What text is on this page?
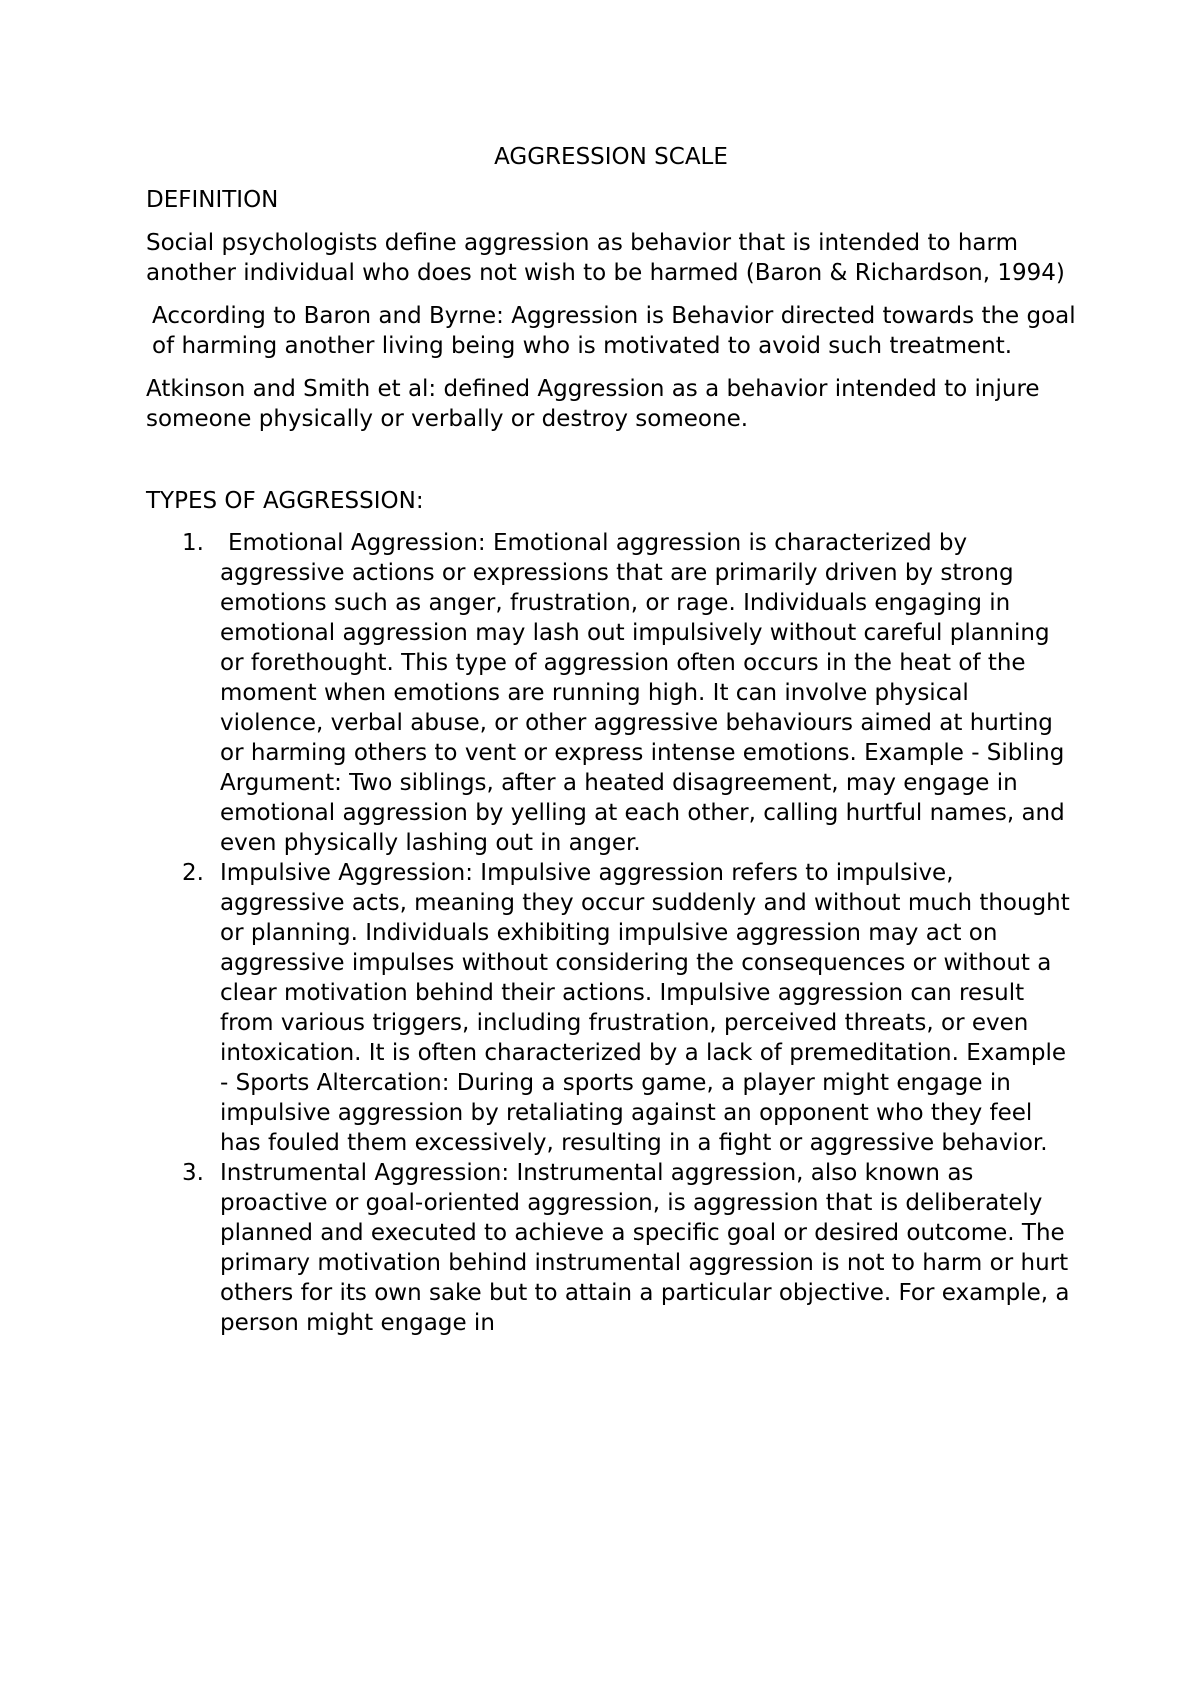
AGGRESSION SCALE
DEFINITION

Social psychologists define aggression as behavior that is intended to harm another individual who does not wish to be harmed (Baron & Richardson, 1994)

According to Baron and Byrne: Aggression is Behavior directed towards the goal of harming another living being who is motivated to avoid such treatment.

Atkinson and Smith et al: defined Aggression as a behavior intended to injure someone physically or verbally or destroy someone.

TYPES OF AGGRESSION:
1. Emotional Aggression: Emotional aggression is characterized by aggressive actions or expressions that are primarily driven by strong emotions such as anger, frustration, or rage. Individuals engaging in emotional aggression may lash out impulsively without careful planning or forethought. This type of aggression often occurs in the heat of the moment when emotions are running high. It can involve physical violence, verbal abuse, or other aggressive behaviours aimed at hurting or harming others to vent or express intense emotions. Example - Sibling Argument: Two siblings, after a heated disagreement, may engage in emotional aggression by yelling at each other, calling hurtful names, and even physically lashing out in anger.
2. Impulsive Aggression: Impulsive aggression refers to impulsive, aggressive acts, meaning they occur suddenly and without much thought or planning. Individuals exhibiting impulsive aggression may act on aggressive impulses without considering the consequences or without a clear motivation behind their actions. Impulsive aggression can result from various triggers, including frustration, perceived threats, or even intoxication. It is often characterized by a lack of premeditation. Example - Sports Altercation: During a sports game, a player might engage in impulsive aggression by retaliating against an opponent who they feel has fouled them excessively, resulting in a fight or aggressive behavior.
3. Instrumental Aggression: Instrumental aggression, also known as proactive or goal-oriented aggression, is aggression that is deliberately planned and executed to achieve a specific goal or desired outcome. The primary motivation behind instrumental aggression is not to harm or hurt others for its own sake but to attain a particular objective. For example, a person might engage in
